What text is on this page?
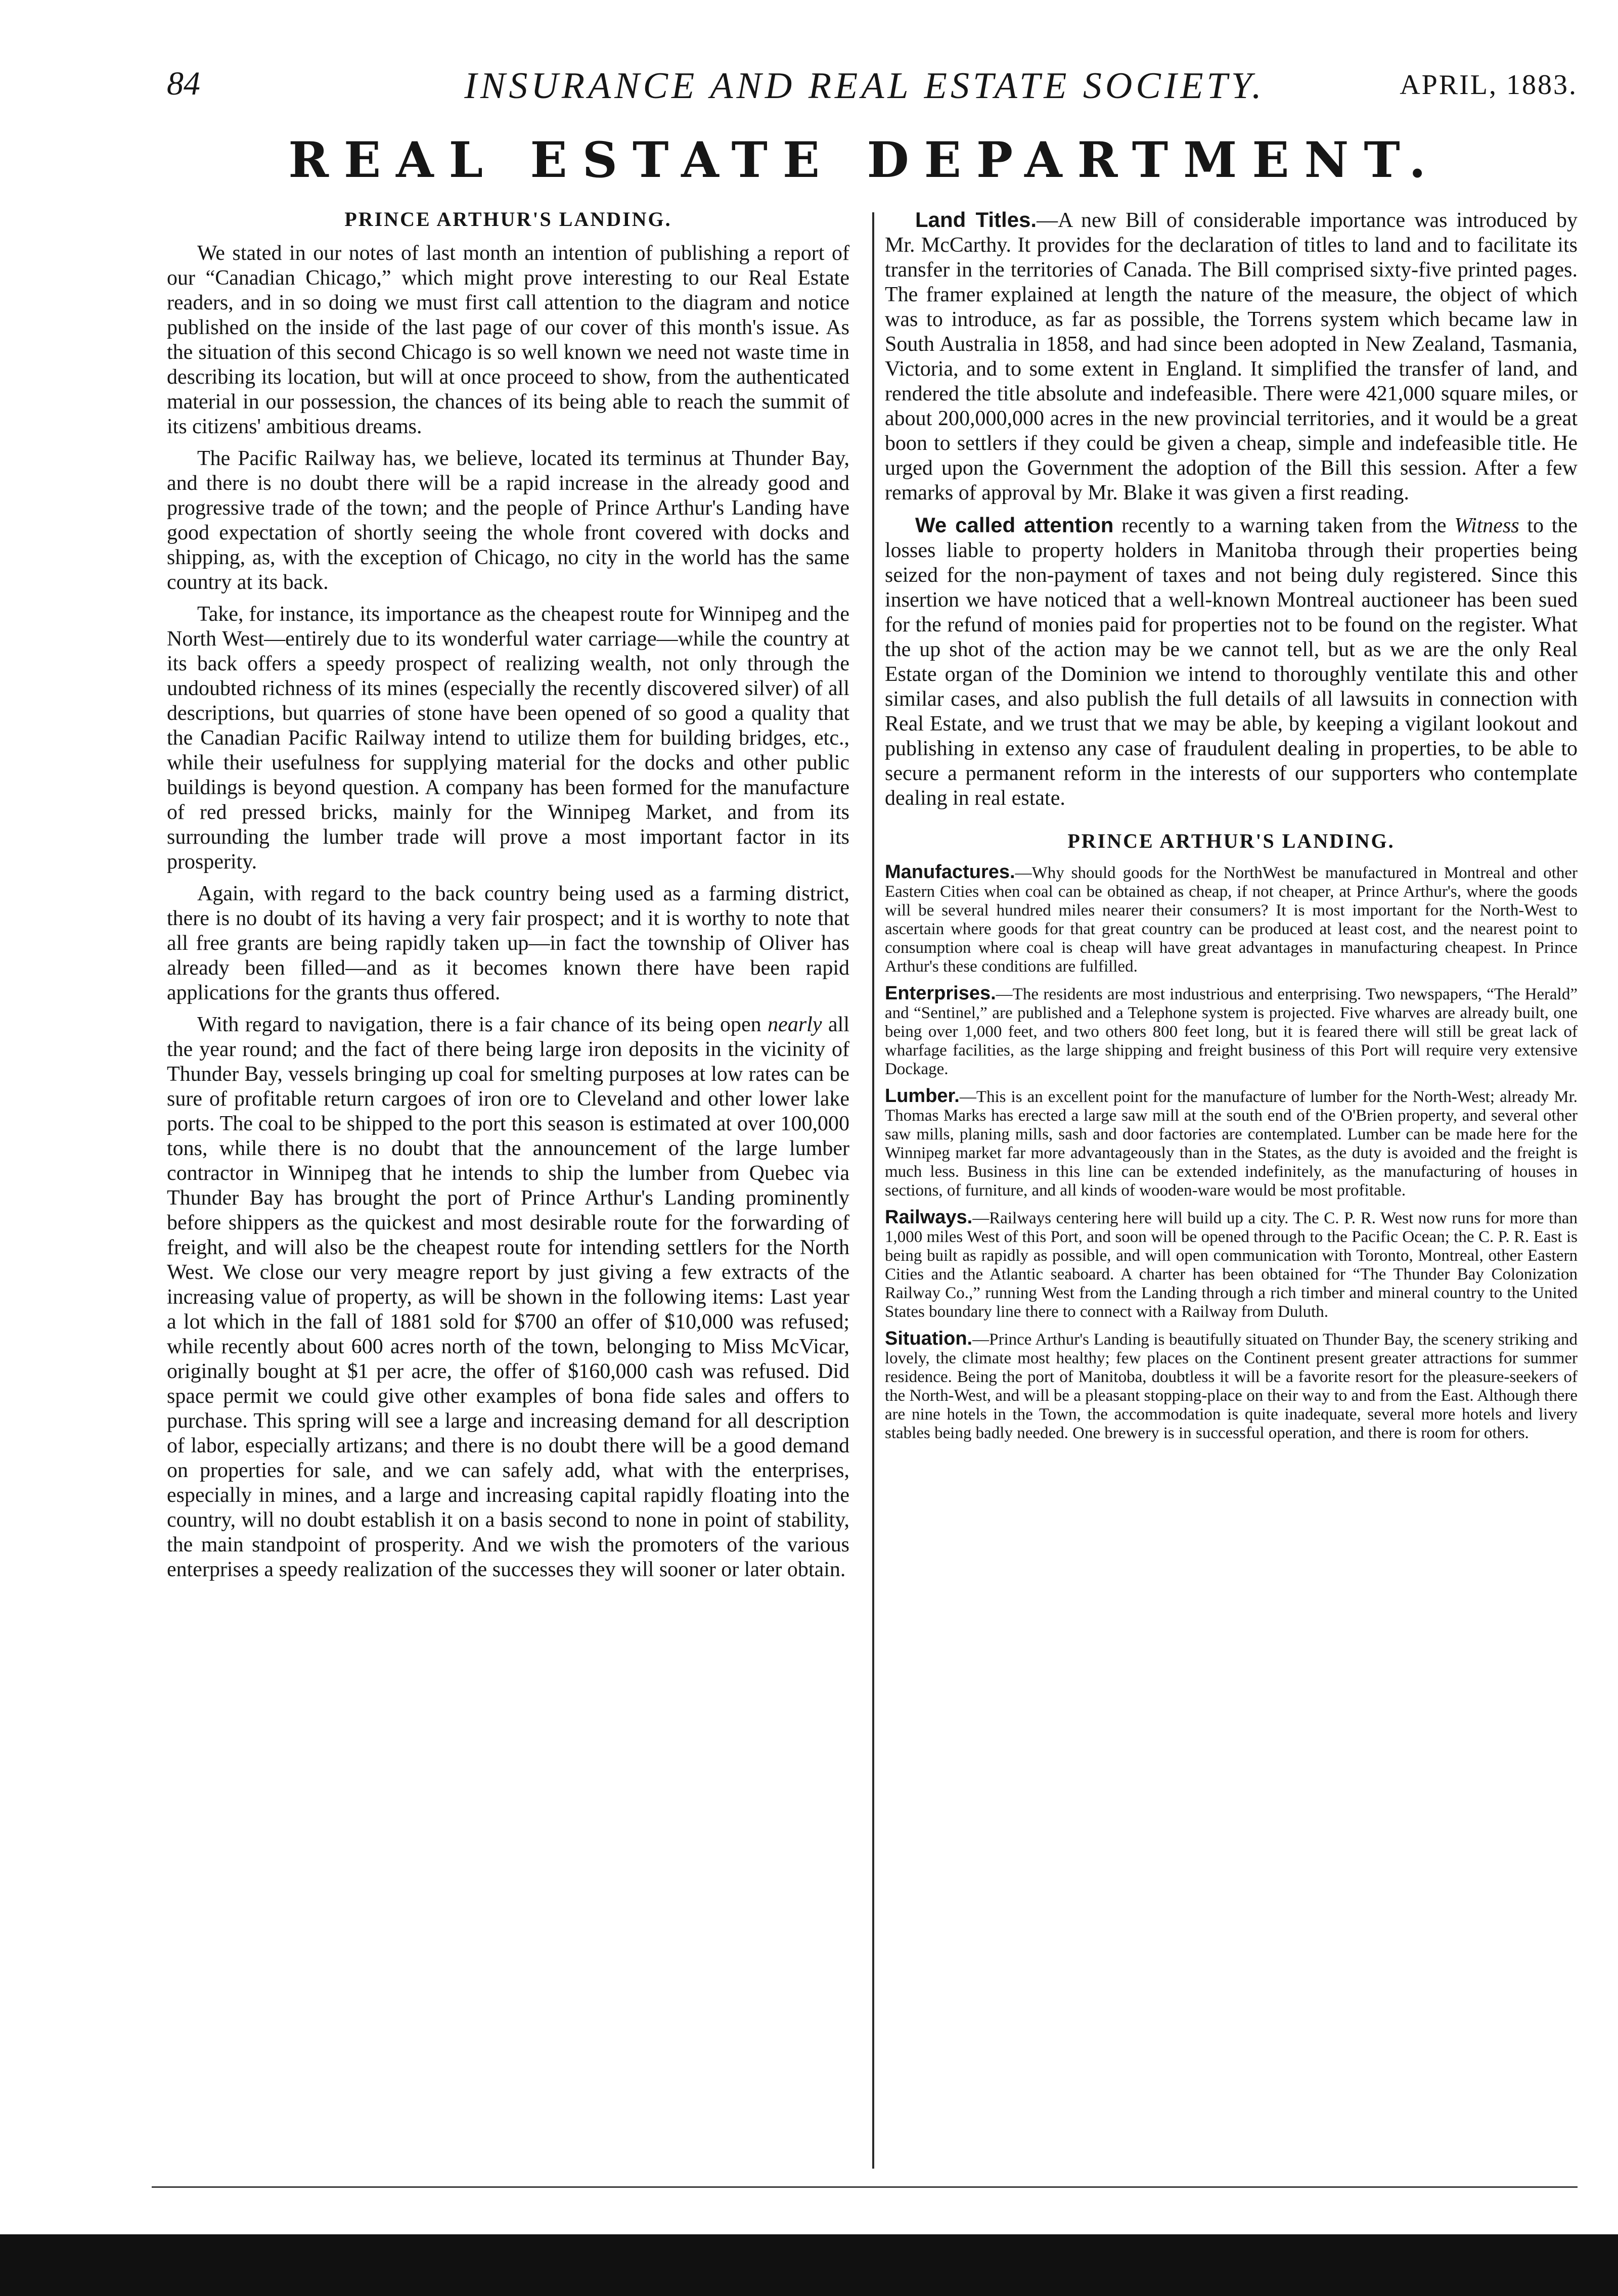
84	INSURANCE AND REAL ESTATE SOCIETY.	APRIL, 1883.
REAL ESTATE DEPARTMENT.
PRINCE ARTHUR'S LANDING.

We stated in our notes of last month an intention of publishing a report of our “Canadian Chicago,” which might prove interesting to our Real Estate readers, and in so doing we must first call attention to the diagram and notice published on the inside of the last page of our cover of this month's issue. As the situation of this second Chicago is so well known we need not waste time in describing its location, but will at once proceed to show, from the authenticated material in our possession, the chances of its being able to reach the summit of its citizens' ambitious dreams.

The Pacific Railway has, we believe, located its terminus at Thunder Bay, and there is no doubt there will be a rapid increase in the already good and progressive trade of the town; and the people of Prince Arthur's Landing have good expectation of shortly seeing the whole front covered with docks and shipping, as, with the exception of Chicago, no city in the world has the same country at its back.

Take, for instance, its importance as the cheapest route for Winnipeg and the North West—entirely due to its wonderful water carriage—while the country at its back offers a speedy prospect of realizing wealth, not only through the undoubted richness of its mines (especially the recently discovered silver) of all descriptions, but quarries of stone have been opened of so good a quality that the Canadian Pacific Railway intend to utilize them for building bridges, etc., while their usefulness for supplying material for the docks and other public buildings is beyond question. A company has been formed for the manufacture of red pressed bricks, mainly for the Winnipeg Market, and from its surrounding the lumber trade will prove a most important factor in its prosperity.

Again, with regard to the back country being used as a farming district, there is no doubt of its having a very fair prospect; and it is worthy to note that all free grants are being rapidly taken up—in fact the township of Oliver has already been filled—and as it becomes known there have been rapid applications for the grants thus offered.

With regard to navigation, there is a fair chance of its being open nearly all the year round; and the fact of there being large iron deposits in the vicinity of Thunder Bay, vessels bringing up coal for smelting purposes at low rates can be sure of profitable return cargoes of iron ore to Cleveland and other lower lake ports. The coal to be shipped to the port this season is estimated at over 100,000 tons, while there is no doubt that the announcement of the large lumber contractor in Winnipeg that he intends to ship the lumber from Quebec via Thunder Bay has brought the port of Prince Arthur's Landing prominently before shippers as the quickest and most desirable route for the forwarding of freight, and will also be the cheapest route for intending settlers for the North West. We close our very meagre report by just giving a few extracts of the increasing value of property, as will be shown in the following items: Last year a lot which in the fall of 1881 sold for $700 an offer of $10,000 was refused; while recently about 600 acres north of the town, belonging to Miss McVicar, originally bought at $1 per acre, the offer of $160,000 cash was refused. Did space permit we could give other examples of bona fide sales and offers to purchase. This spring will see a large and increasing demand for all description of labor, especially artizans; and there is no doubt there will be a good demand on properties for sale, and we can safely add, what with the enterprises, especially in mines, and a large and increasing capital rapidly floating into the country, will no doubt establish it on a basis second to none in point of stability, the main standpoint of prosperity. And we wish the promoters of the various enterprises a speedy realization of the successes they will sooner or later obtain.

Land Titles.—A new Bill of considerable importance was introduced by Mr. McCarthy. It provides for the declaration of titles to land and to facilitate its transfer in the territories of Canada. The Bill comprised sixty-five printed pages. The framer explained at length the nature of the measure, the object of which was to introduce, as far as possible, the Torrens system which became law in South Australia in 1858, and had since been adopted in New Zealand, Tasmania, Victoria, and to some extent in England. It simplified the transfer of land, and rendered the title absolute and indefeasible. There were 421,000 square miles, or about 200,000,000 acres in the new provincial territories, and it would be a great boon to settlers if they could be given a cheap, simple and indefeasible title. He urged upon the Government the adoption of the Bill this session. After a few remarks of approval by Mr. Blake it was given a first reading.

We called attention recently to a warning taken from the Witness to the losses liable to property holders in Manitoba through their properties being seized for the non-payment of taxes and not being duly registered. Since this insertion we have noticed that a well-known Montreal auctioneer has been sued for the refund of monies paid for properties not to be found on the register. What the up shot of the action may be we cannot tell, but as we are the only Real Estate organ of the Dominion we intend to thoroughly ventilate this and other similar cases, and also publish the full details of all lawsuits in connection with Real Estate, and we trust that we may be able, by keeping a vigilant lookout and publishing in extenso any case of fraudulent dealing in properties, to be able to secure a permanent reform in the interests of our supporters who contemplate dealing in real estate.

PRINCE ARTHUR'S LANDING.

Manufactures.—Why should goods for the NorthWest be manufactured in Montreal and other Eastern Cities when coal can be obtained as cheap, if not cheaper, at Prince Arthur's, where the goods will be several hundred miles nearer their consumers? It is most important for the North-West to ascertain where goods for that great country can be produced at least cost, and the nearest point to consumption where coal is cheap will have great advantages in manufacturing cheapest. In Prince Arthur's these conditions are fulfilled.

Enterprises.—The residents are most industrious and enterprising. Two newspapers, “The Herald” and “Sentinel,” are published and a Telephone system is projected. Five wharves are already built, one being over 1,000 feet, and two others 800 feet long, but it is feared there will still be great lack of wharfage facilities, as the large shipping and freight business of this Port will require very extensive Dockage.

Lumber.—This is an excellent point for the manufacture of lumber for the North-West; already Mr. Thomas Marks has erected a large saw mill at the south end of the O'Brien property, and several other saw mills, planing mills, sash and door factories are contemplated. Lumber can be made here for the Winnipeg market far more advantageously than in the States, as the duty is avoided and the freight is much less. Business in this line can be extended indefinitely, as the manufacturing of houses in sections, of furniture, and all kinds of wooden-ware would be most profitable.

Railways.—Railways centering here will build up a city. The C. P. R. West now runs for more than 1,000 miles West of this Port, and soon will be opened through to the Pacific Ocean; the C. P. R. East is being built as rapidly as possible, and will open communication with Toronto, Montreal, other Eastern Cities and the Atlantic seaboard. A charter has been obtained for “The Thunder Bay Colonization Railway Co.,” running West from the Landing through a rich timber and mineral country to the United States boundary line there to connect with a Railway from Duluth.

Situation.—Prince Arthur's Landing is beautifully situated on Thunder Bay, the scenery striking and lovely, the climate most healthy; few places on the Continent present greater attractions for summer residence. Being the port of Manitoba, doubtless it will be a favorite resort for the pleasure-seekers of the North-West, and will be a pleasant stopping-place on their way to and from the East. Although there are nine hotels in the Town, the accommodation is quite inadequate, several more hotels and livery stables being badly needed. One brewery is in successful operation, and there is room for others.
